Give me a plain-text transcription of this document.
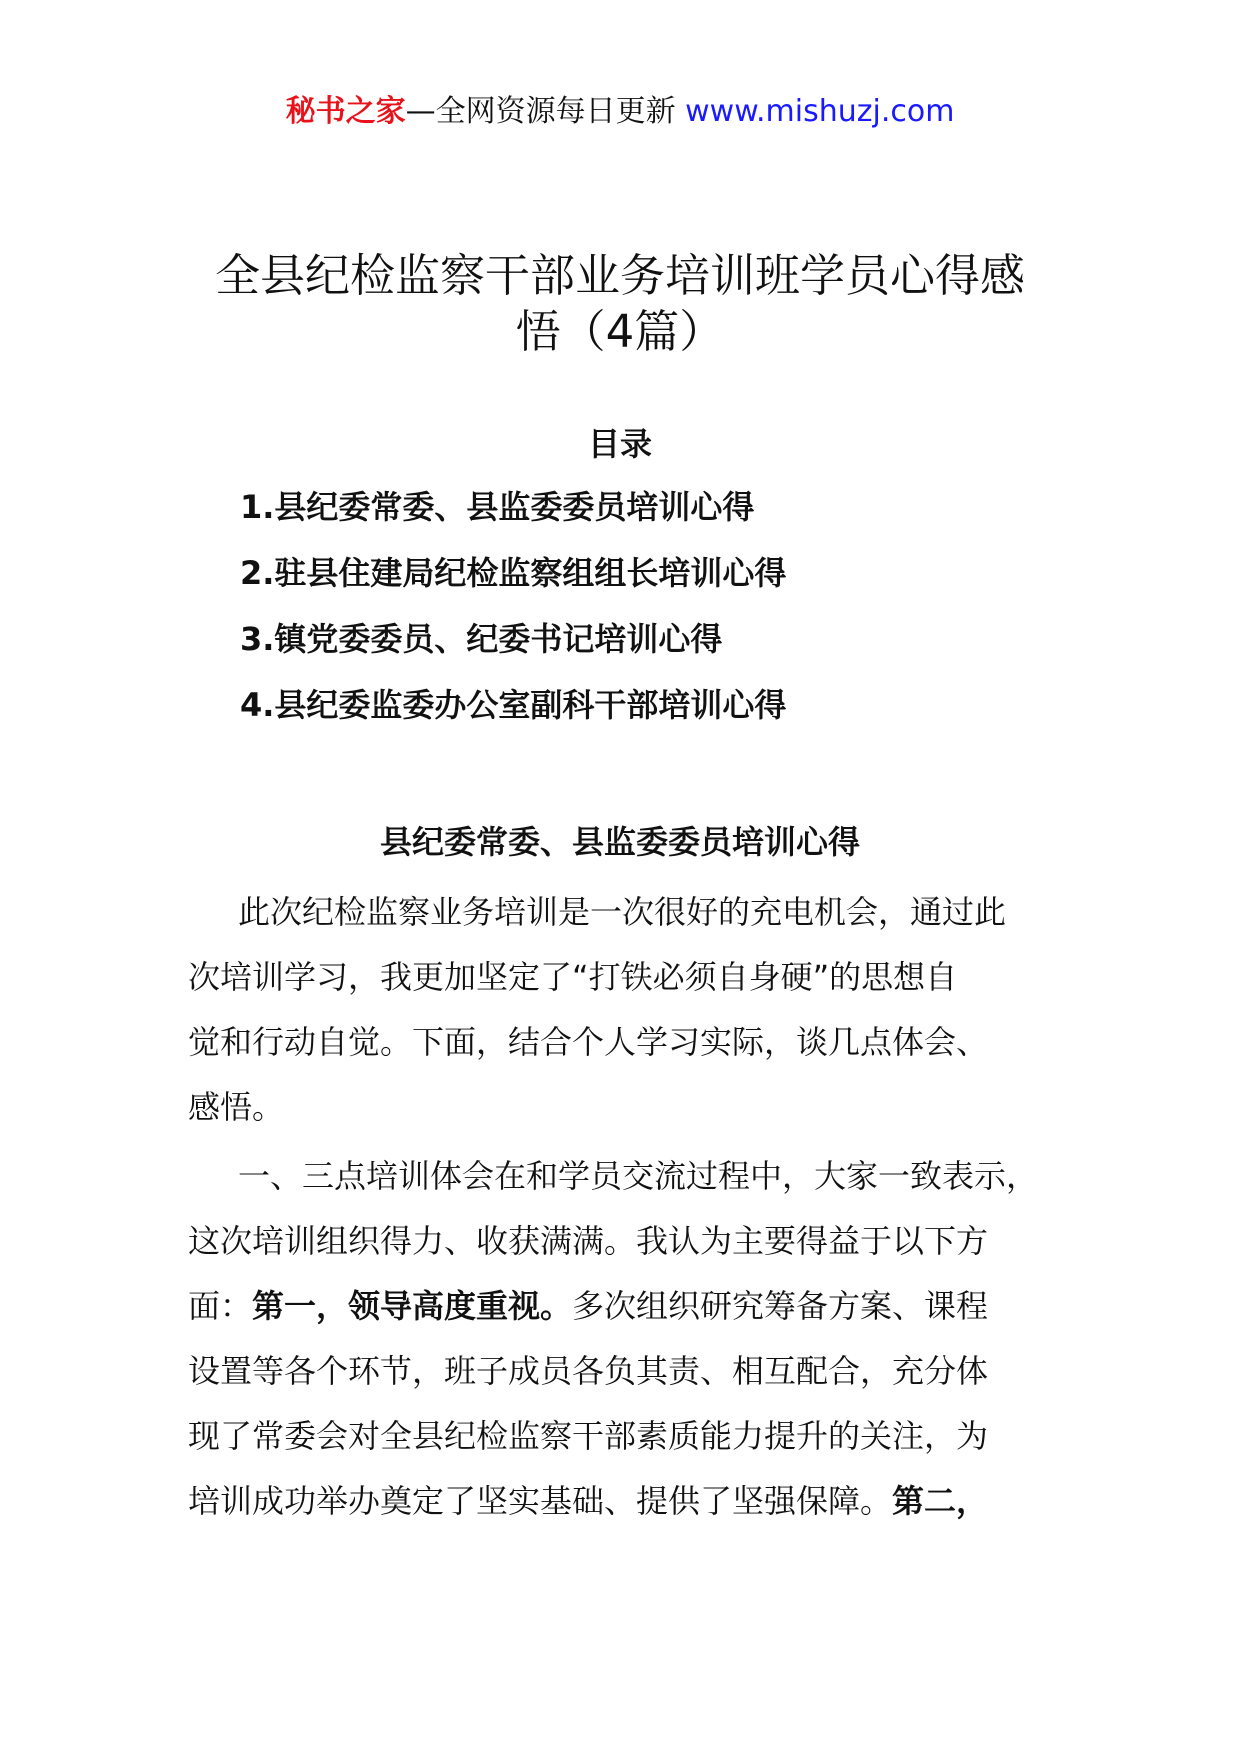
秘书之家—全网资源每日更新 www.mishuzj.com
全县纪检监察干部业务培训班学员心得感
悟（4篇）
目录
1.县纪委常委、县监委委员培训心得
2.驻县住建局纪检监察组组长培训心得
3.镇党委委员、纪委书记培训心得
4.县纪委监委办公室副科干部培训心得
县纪委常委、县监委委员培训心得
此次纪检监察业务培训是一次很好的充电机会，通过此
次培训学习，我更加坚定了“打铁必须自身硬”的思想自
觉和行动自觉。下面，结合个人学习实际，谈几点体会、
感悟。
一、三点培训体会在和学员交流过程中，大家一致表示，
这次培训组织得力、收获满满。我认为主要得益于以下方
面：第一，领导高度重视。多次组织研究筹备方案、课程
设置等各个环节，班子成员各负其责、相互配合，充分体
现了常委会对全县纪检监察干部素质能力提升的关注，为
培训成功举办奠定了坚实基础、提供了坚强保障。第二，
